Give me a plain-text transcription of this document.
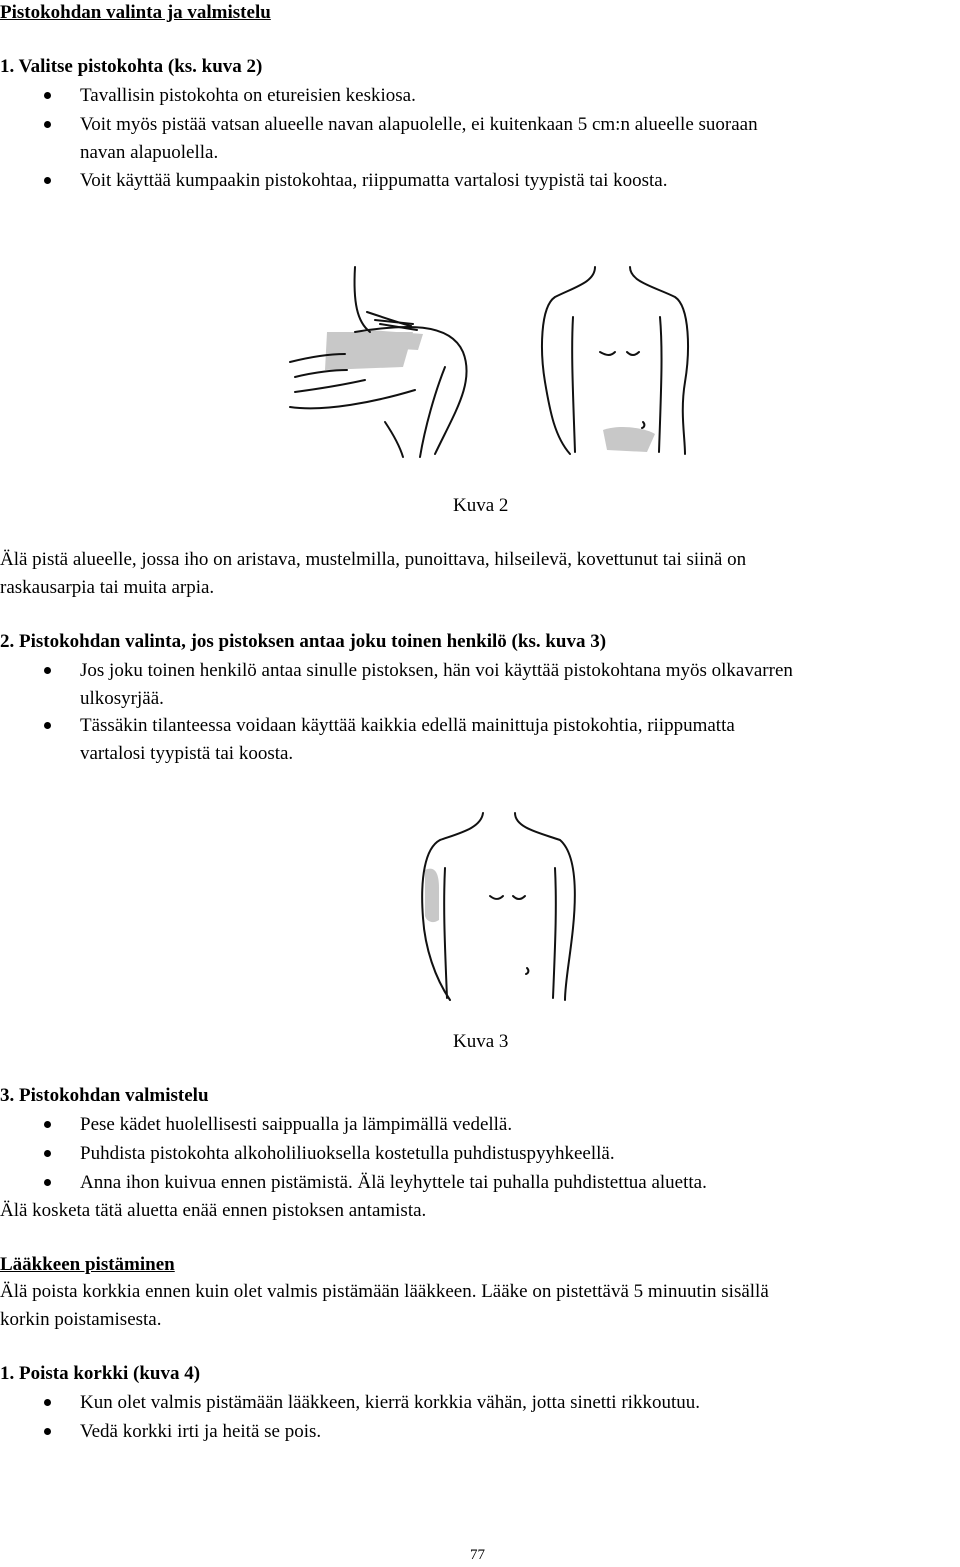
Pistokohdan valinta ja valmistelu
1. Valitse pistokohta (ks. kuva 2)
Tavallisin pistokohta on etureisien keskiosa.
Voit myös pistää vatsan alueelle navan alapuolelle, ei kuitenkaan 5 cm:n alueelle suoraan
navan alapuolella.
Voit käyttää kumpaakin pistokohtaa, riippumatta vartalosi tyypistä tai koosta.
Kuva 2
Älä pistä alueelle, jossa iho on aristava, mustelmilla, punoittava, hilseilevä, kovettunut tai siinä on
raskausarpia tai muita arpia.
2. Pistokohdan valinta, jos pistoksen antaa joku toinen henkilö (ks. kuva 3)
Jos joku toinen henkilö antaa sinulle pistoksen, hän voi käyttää pistokohtana myös olkavarren
ulkosyrjää.
Tässäkin tilanteessa voidaan käyttää kaikkia edellä mainittuja pistokohtia, riippumatta
vartalosi tyypistä tai koosta.
Kuva 3
3. Pistokohdan valmistelu
Pese kädet huolellisesti saippualla ja lämpimällä vedellä.
Puhdista pistokohta alkoholiliuoksella kostetulla puhdistuspyyhkeellä.
Anna ihon kuivua ennen pistämistä. Älä leyhyttele tai puhalla puhdistettua aluetta.
Älä kosketa tätä aluetta enää ennen pistoksen antamista.
Lääkkeen pistäminen
Älä poista korkkia ennen kuin olet valmis pistämään lääkkeen. Lääke on pistettävä 5 minuutin sisällä
korkin poistamisesta.
1. Poista korkki (kuva 4)
Kun olet valmis pistämään lääkkeen, kierrä korkkia vähän, jotta sinetti rikkoutuu.
Vedä korkki irti ja heitä se pois.
77
